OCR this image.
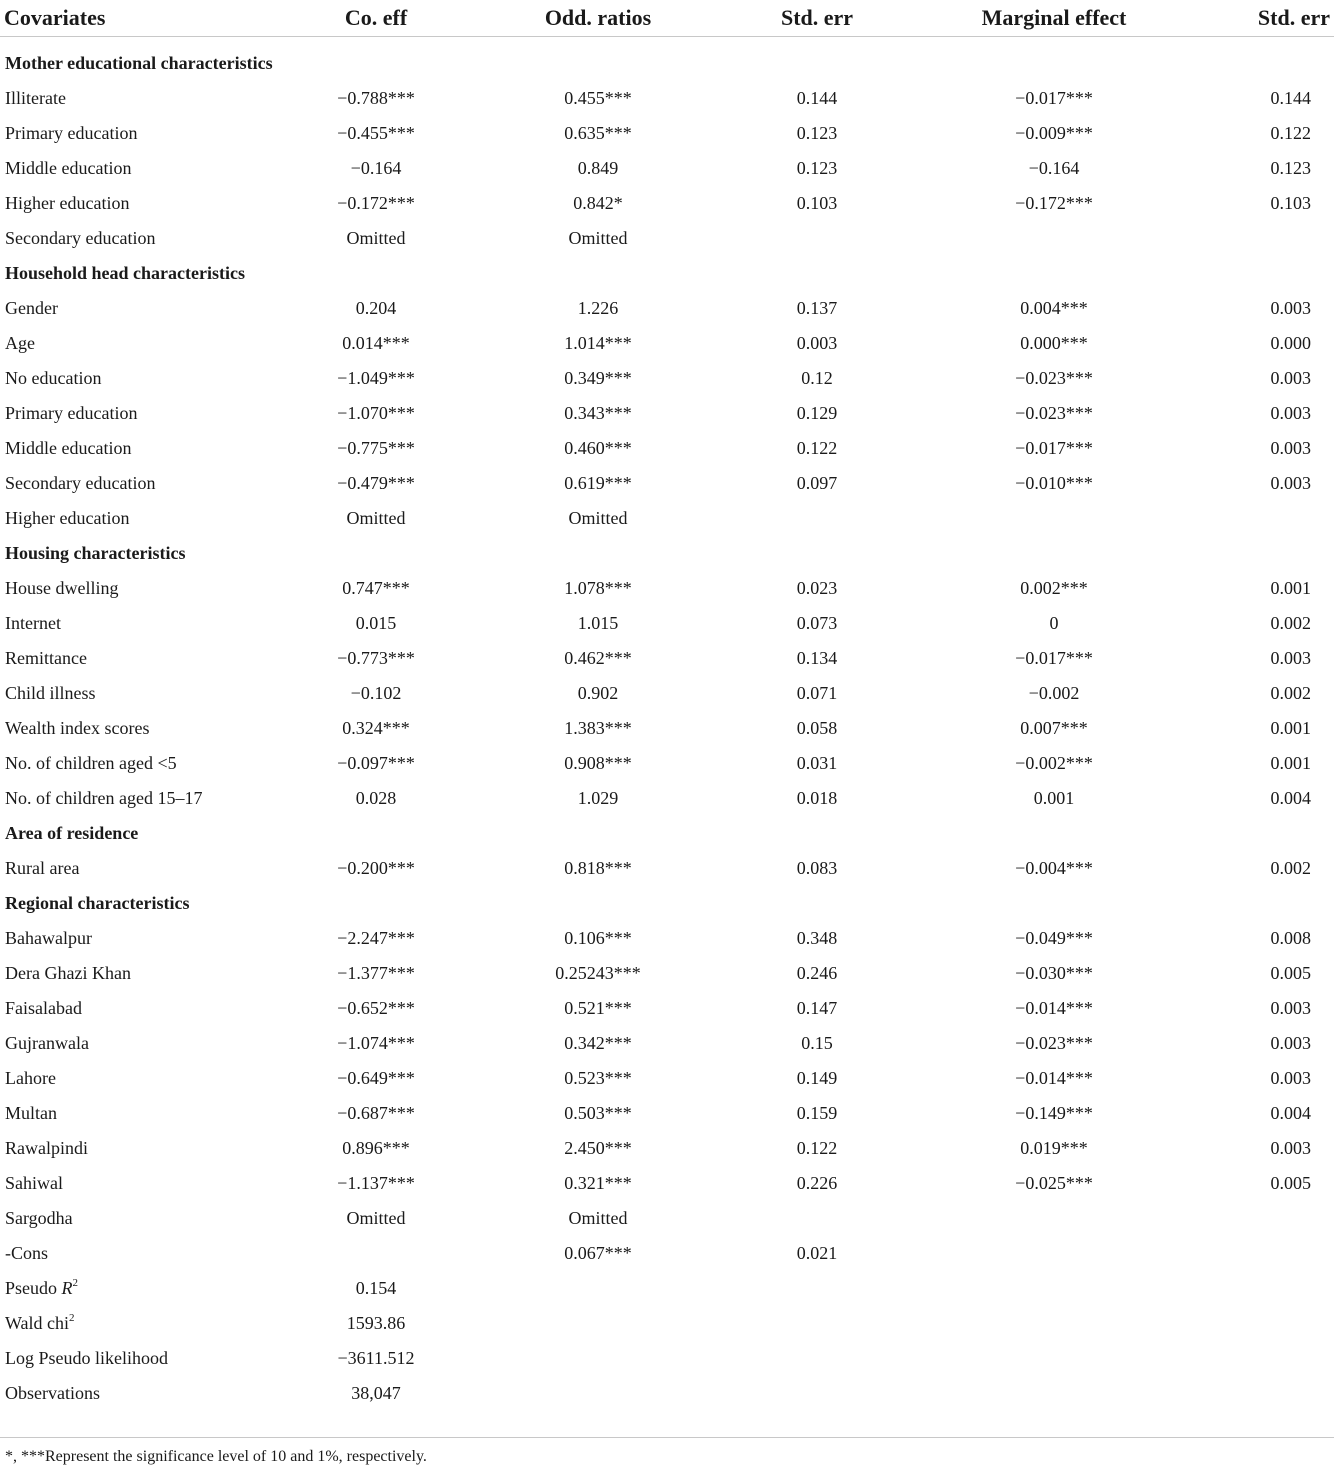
Covariates	Co. eff	Odd. ratios	Std. err	Marginal effect	Std. err

Mother educational characteristics					
Illiterate	−0.788***	0.455***	0.144	−0.017***	0.144
Primary education	−0.455***	0.635***	0.123	−0.009***	0.122
Middle education	−0.164	0.849	0.123	−0.164	0.123
Higher education	−0.172***	0.842*	0.103	−0.172***	0.103
Secondary education	Omitted	Omitted			
Household head characteristics					
Gender	0.204	1.226	0.137	0.004***	0.003
Age	0.014***	1.014***	0.003	0.000***	0.000
No education	−1.049***	0.349***	0.12	−0.023***	0.003
Primary education	−1.070***	0.343***	0.129	−0.023***	0.003
Middle education	−0.775***	0.460***	0.122	−0.017***	0.003
Secondary education	−0.479***	0.619***	0.097	−0.010***	0.003
Higher education	Omitted	Omitted			
Housing characteristics					
House dwelling	0.747***	1.078***	0.023	0.002***	0.001
Internet	0.015	1.015	0.073	0	0.002
Remittance	−0.773***	0.462***	0.134	−0.017***	0.003
Child illness	−0.102	0.902	0.071	−0.002	0.002
Wealth index scores	0.324***	1.383***	0.058	0.007***	0.001
No. of children aged <5	−0.097***	0.908***	0.031	−0.002***	0.001
No. of children aged 15–17	0.028	1.029	0.018	0.001	0.004
Area of residence					
Rural area	−0.200***	0.818***	0.083	−0.004***	0.002
Regional characteristics					
Bahawalpur	−2.247***	0.106***	0.348	−0.049***	0.008
Dera Ghazi Khan	−1.377***	0.25243***	0.246	−0.030***	0.005
Faisalabad	−0.652***	0.521***	0.147	−0.014***	0.003
Gujranwala	−1.074***	0.342***	0.15	−0.023***	0.003
Lahore	−0.649***	0.523***	0.149	−0.014***	0.003
Multan	−0.687***	0.503***	0.159	−0.149***	0.004
Rawalpindi	0.896***	2.450***	0.122	0.019***	0.003
Sahiwal	−1.137***	0.321***	0.226	−0.025***	0.005
Sargodha	Omitted	Omitted			
-Cons		0.067***	0.021		
Pseudo $R^2$	0.154				
Wald chi$^2$	1593.86				
Log Pseudo likelihood	−3611.512				
Observations	38,047				
*, ***Represent the significance level of 10 and 1%, respectively.
